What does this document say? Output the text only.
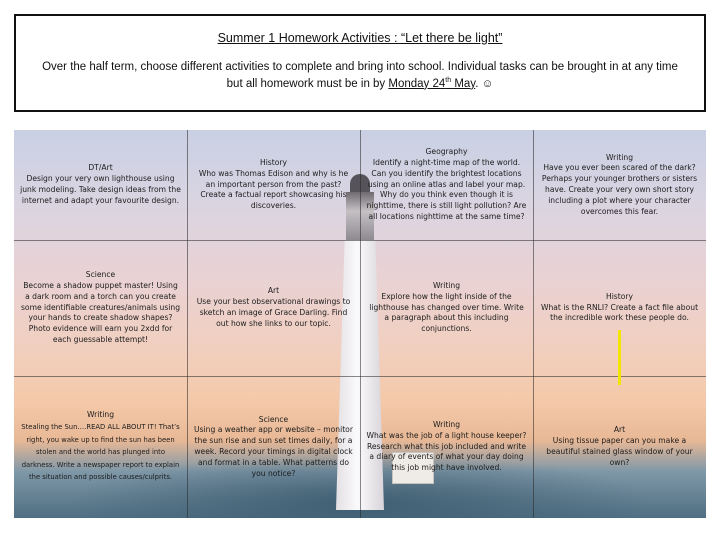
Summer 1 Homework Activities : “Let there be light”
Over the half term, choose different activities to complete and bring into school. Individual tasks can be brought in at any time
but all homework must be in by Monday 24th May. ☺
DT/Art
Design your very own lighthouse using junk modeling. Take design ideas from the internet and adapt your favourite design.
History
Who was Thomas Edison and why is he an important person from the past? Create a factual report showcasing his discoveries.
Geography
Identify a night-time map of the world. Can you identify the brightest locations using an online atlas and label your map. Why do you think even though it is nighttime, there is still light pollution? Are all locations nighttime at the same time?
Writing
Have you ever been scared of the dark? Perhaps your younger brothers or sisters have. Create your very own short story including a plot where your character overcomes this fear.
Science
Become a shadow puppet master! Using a dark room and a torch can you create some identifiable creatures/animals using your hands to create shadow shapes? Photo evidence will earn you 2xdd for each guessable attempt!
Art
Use your best observational drawings to sketch an image of Grace Darling. Find out how she links to our topic.
Writing
Explore how the light inside of the lighthouse has changed over time. Write a paragraph about this including conjunctions.
History
What is the RNLI? Create a fact file about the incredible work these people do.
Writing
Stealing the Sun….READ ALL ABOUT IT! That’s right, you wake up to find the sun has been stolen and the world has plunged into darkness. Write a newspaper report to explain the situation and possible causes/culprits.
Science
Using a weather app or website – monitor the sun rise and sun set times daily, for a week. Record your timings in digital clock and format in a table. What patterns do you notice?
Writing
What was the job of a light house keeper? Research what this job included and write a diary of events of what your day doing this job might have involved.
Art
Using tissue paper can you make a beautiful stained glass window of your own?
